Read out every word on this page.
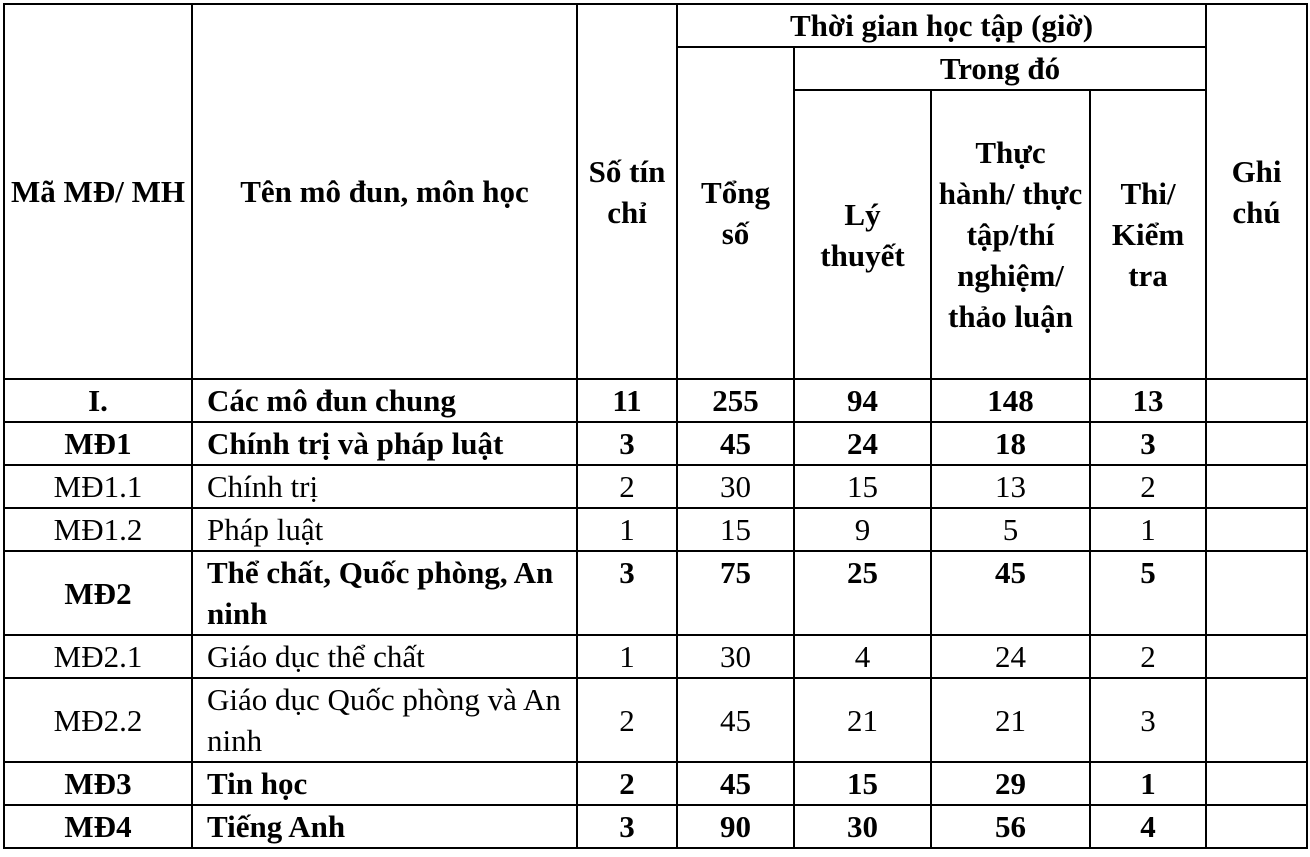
Mã MĐ/ MH	Tên mô đun, môn học	Số tín chỉ	Thời gian học tập (giờ)				Ghi chú
			Tổng số	Trong đó			
				Lý thuyết	Thực hành/ thực tập/thí nghiệm/ thảo luận	Thi/ Kiểm tra	
I.	Các mô đun chung	11	255	94	148	13	
MĐ1	Chính trị và pháp luật	3	45	24	18	3	
MĐ1.1	Chính trị	2	30	15	13	2	
MĐ1.2	Pháp luật	1	15	9	5	1	
MĐ2	Thể chất, Quốc phòng, An ninh	3	75	25	45	5	
MĐ2.1	Giáo dục thể chất	1	30	4	24	2	
MĐ2.2	Giáo dục Quốc phòng và An ninh	2	45	21	21	3	
MĐ3	Tin học	2	45	15	29	1	
MĐ4	Tiếng Anh	3	90	30	56	4	
